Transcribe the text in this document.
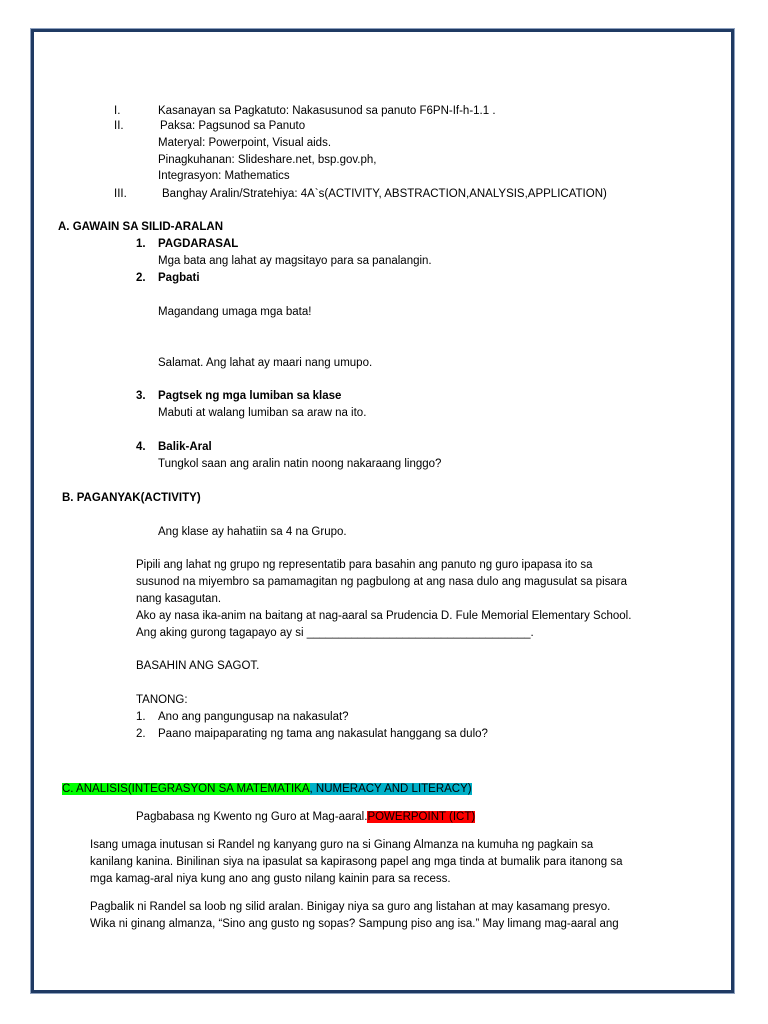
I.	Kasanayan sa Pagkatuto: Nakasusunod sa panuto F6PN-If-h-1.1 .
II.	Paksa: Pagsunod sa Panuto
Materyal: Powerpoint, Visual aids.
Pinagkuhanan: Slideshare.net, bsp.gov.ph,
Integrasyon: Mathematics
III.	Banghay Aralin/Stratehiya: 4A`s(ACTIVITY, ABSTRACTION,ANALYSIS,APPLICATION)
A. GAWAIN SA SILID-ARALAN
1. PAGDARASAL
Mga bata ang lahat ay magsitayo para sa panalangin.
2. Pagbati
Magandang umaga mga bata!
Salamat. Ang lahat ay maari nang umupo.
3. Pagtsek ng mga lumiban sa klase
Mabuti at walang lumiban sa araw na ito.
4. Balik-Aral
Tungkol saan ang aralin natin noong nakaraang linggo?
B. PAGANYAK(ACTIVITY)
Ang klase ay hahatiin sa 4 na Grupo.
Pipili ang lahat ng grupo ng representatib para basahin ang panuto ng guro ipapasa ito sa
susunod na miyembro sa pamamagitan ng pagbulong at ang nasa dulo ang magusulat sa pisara
nang kasagutan.
Ako ay nasa ika-anim na baitang at nag-aaral sa Prudencia D. Fule Memorial Elementary School.
Ang aking gurong tagapayo ay si ___________________________________.
BASAHIN ANG SAGOT.
TANONG:
1. Ano ang pangungusap na nakasulat?
2. Paano maipaparating ng tama ang nakasulat hanggang sa dulo?
C. ANALISIS(INTEGRASYON SA MATEMATIKA, NUMERACY AND LITERACY)
Pagbabasa ng Kwento ng Guro at Mag-aaral.POWERPOINT (ICT)
Isang umaga inutusan si Randel ng kanyang guro na si Ginang Almanza na kumuha ng pagkain sa
kanilang kanina. Binilinan siya na ipasulat sa kapirasong papel ang mga tinda at bumalik para itanong sa
mga kamag-aral niya kung ano ang gusto nilang kainin para sa recess.
Pagbalik ni Randel sa loob ng silid aralan. Binigay niya sa guro ang listahan at may kasamang presyo.
Wika ni ginang almanza, “Sino ang gusto ng sopas? Sampung piso ang isa.” May limang mag-aaral ang
